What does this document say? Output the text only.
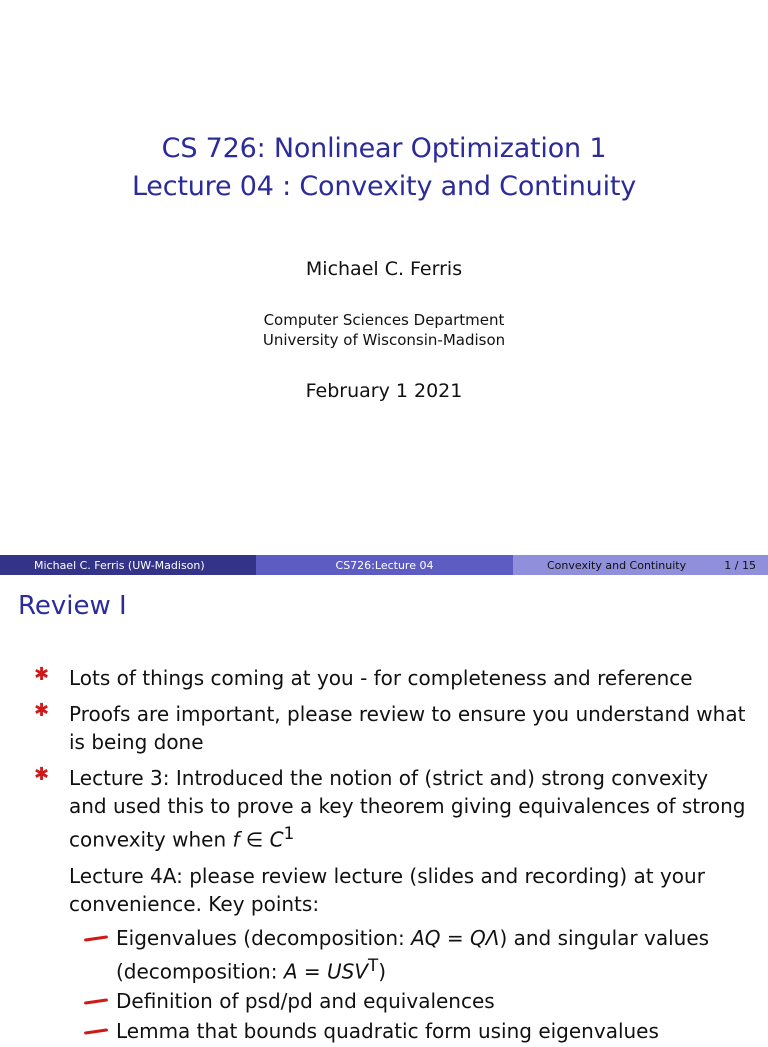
CS 726: Nonlinear Optimization 1
Lecture 04 : Convexity and Continuity
Michael C. Ferris
Computer Sciences Department
University of Wisconsin-Madison
February 1 2021
Michael C. Ferris (UW-Madison)	CS726:Lecture 04	Convexity and Continuity	1 / 15
Review I
✱ Lots of things coming at you - for completeness and reference
✱ Proofs are important, please review to ensure you understand what is being done
✱ Lecture 3: Introduced the notion of (strict and) strong convexity and used this to prove a key theorem giving equivalences of strong convexity when f ∈ $C^1$
Lecture 4A: please review lecture (slides and recording) at your convenience. Key points:
Eigenvalues (decomposition: AQ = QΛ) and singular values (decomposition: $A = USV^T$)
Definition of psd/pd and equivalences
Lemma that bounds quadratic form using eigenvalues
